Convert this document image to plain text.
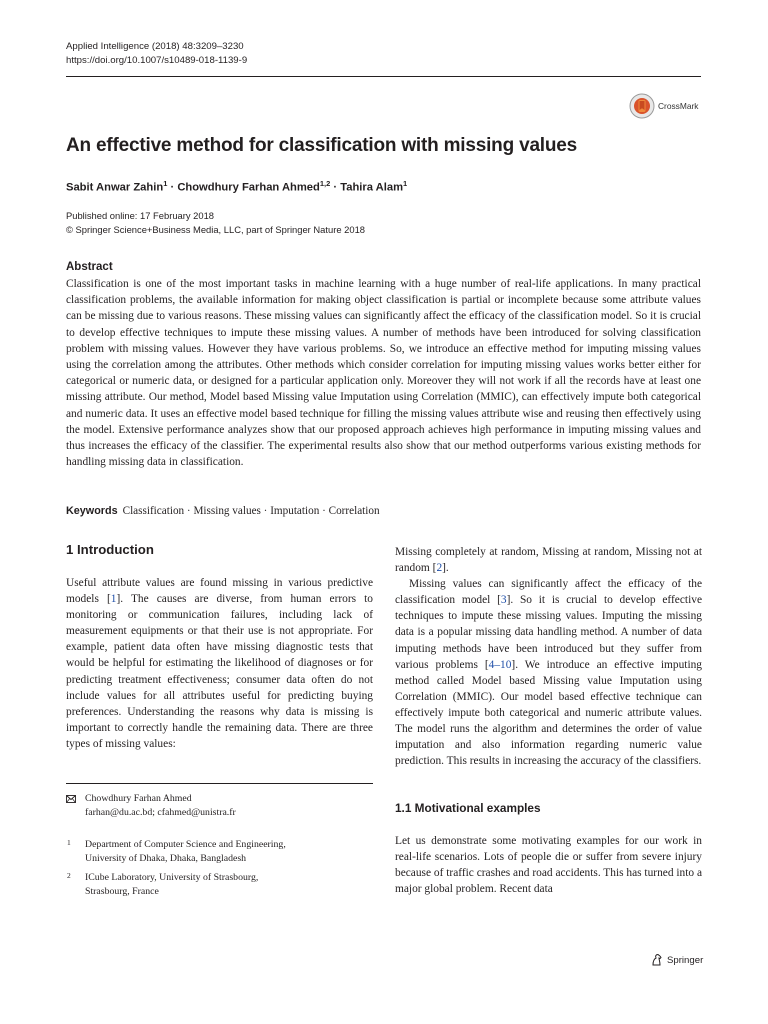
Applied Intelligence (2018) 48:3209–3230
https://doi.org/10.1007/s10489-018-1139-9
CrossMark
An effective method for classification with missing values
Sabit Anwar Zahin$^1$ · Chowdhury Farhan Ahmed$^{1,2}$ · Tahira Alam$^1$
Published online: 17 February 2018
© Springer Science+Business Media, LLC, part of Springer Nature 2018
Abstract

Classification is one of the most important tasks in machine learning with a huge number of real-life applications. In many practical classification problems, the available information for making object classification is partial or incomplete because some attribute values can be missing due to various reasons. These missing values can significantly affect the efficacy of the classification model. So it is crucial to develop effective techniques to impute these missing values. A number of methods have been introduced for solving classification problem with missing values. However they have various problems. So, we introduce an effective method for imputing missing values using the correlation among the attributes. Other methods which consider correlation for imputing missing values works better either for categorical or numeric data, or designed for a particular application only. Moreover they will not work if all the records have at least one missing attribute. Our method, Model based Missing value Imputation using Correlation (MMIC), can effectively impute both categorical and numeric data. It uses an effective model based technique for filling the missing values attribute wise and reusing then effectively using the model. Extensive performance analyzes show that our proposed approach achieves high performance in imputing missing values and thus increases the efficacy of the classifier. The experimental results also show that our method outperforms various existing methods for handling missing data in classification.

Keywords Classification · Missing values · Imputation · Correlation
1 Introduction

Useful attribute values are found missing in various predictive models [1]. The causes are diverse, from human errors to monitoring or communication failures, including lack of measurement equipments or that their use is not appropriate. For example, patient data often have missing diagnostic tests that would be helpful for estimating the likelihood of diagnoses or for predicting treatment effectiveness; consumer data often do not include values for all attributes useful for predicting buying preferences. Understanding the reasons why data is missing is important to correctly handle the remaining data. There are three types of missing values:

Missing completely at random, Missing at random, Missing not at random [2].

Missing values can significantly affect the efficacy of the classification model [3]. So it is crucial to develop effective techniques to impute these missing values. Imputing the missing data is a popular missing data handling method. A number of data imputing methods have been introduced but they suffer from various problems [4–10]. We introduce an effective imputing method called Model based Missing value Imputation using Correlation (MMIC). Our model based effective technique can effectively impute both categorical and numeric attribute values. The model runs the algorithm and determines the order of value imputation and also information regarding numeric value prediction. This results in increasing the accuracy of the classifiers.

1.1 Motivational examples

Let us demonstrate some motivating examples for our work in real-life scenarios. Lots of people die or suffer from severe injury because of traffic crashes and road accidents. This has turned into a major global problem. Recent data

Chowdhury Farhan Ahmed
farhan@du.ac.bd; cfahmed@unistra.fr
1 Department of Computer Science and Engineering,
University of Dhaka, Dhaka, Bangladesh
2 ICube Laboratory, University of Strasbourg,
Strasbourg, France
Springer
